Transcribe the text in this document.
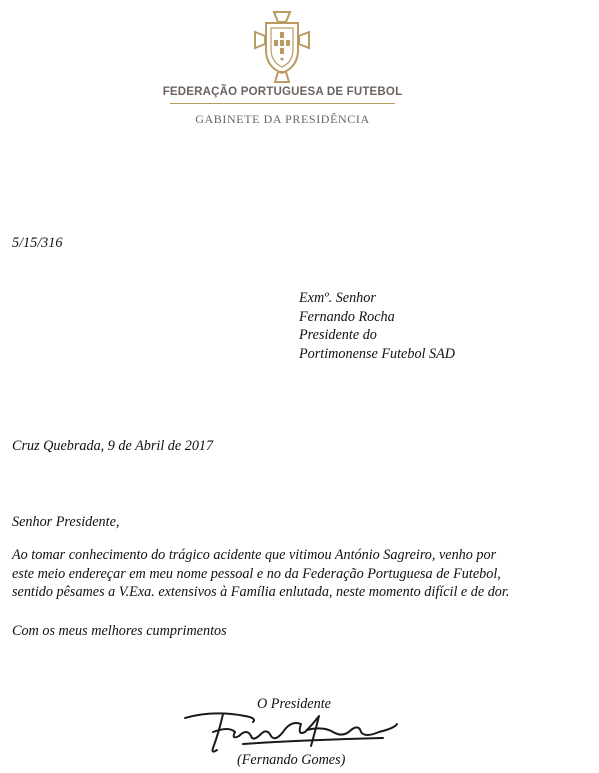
FEDERAÇÃO PORTUGUESA DE FUTEBOL
GABINETE DA PRESIDÊNCIA
5/15/316
Exmº. Senhor
Fernando Rocha
Presidente do
Portimonense Futebol SAD
Cruz Quebrada, 9 de Abril de 2017
Senhor Presidente,
Ao tomar conhecimento do trágico acidente que vitimou António Sagreiro, venho por
este meio endereçar em meu nome pessoal e no da Federação Portuguesa de Futebol,
sentido pêsames a V.Exa. extensivos à Família enlutada, neste momento difícil e de dor.
Com os meus melhores cumprimentos
O Presidente
(Fernando Gomes)
